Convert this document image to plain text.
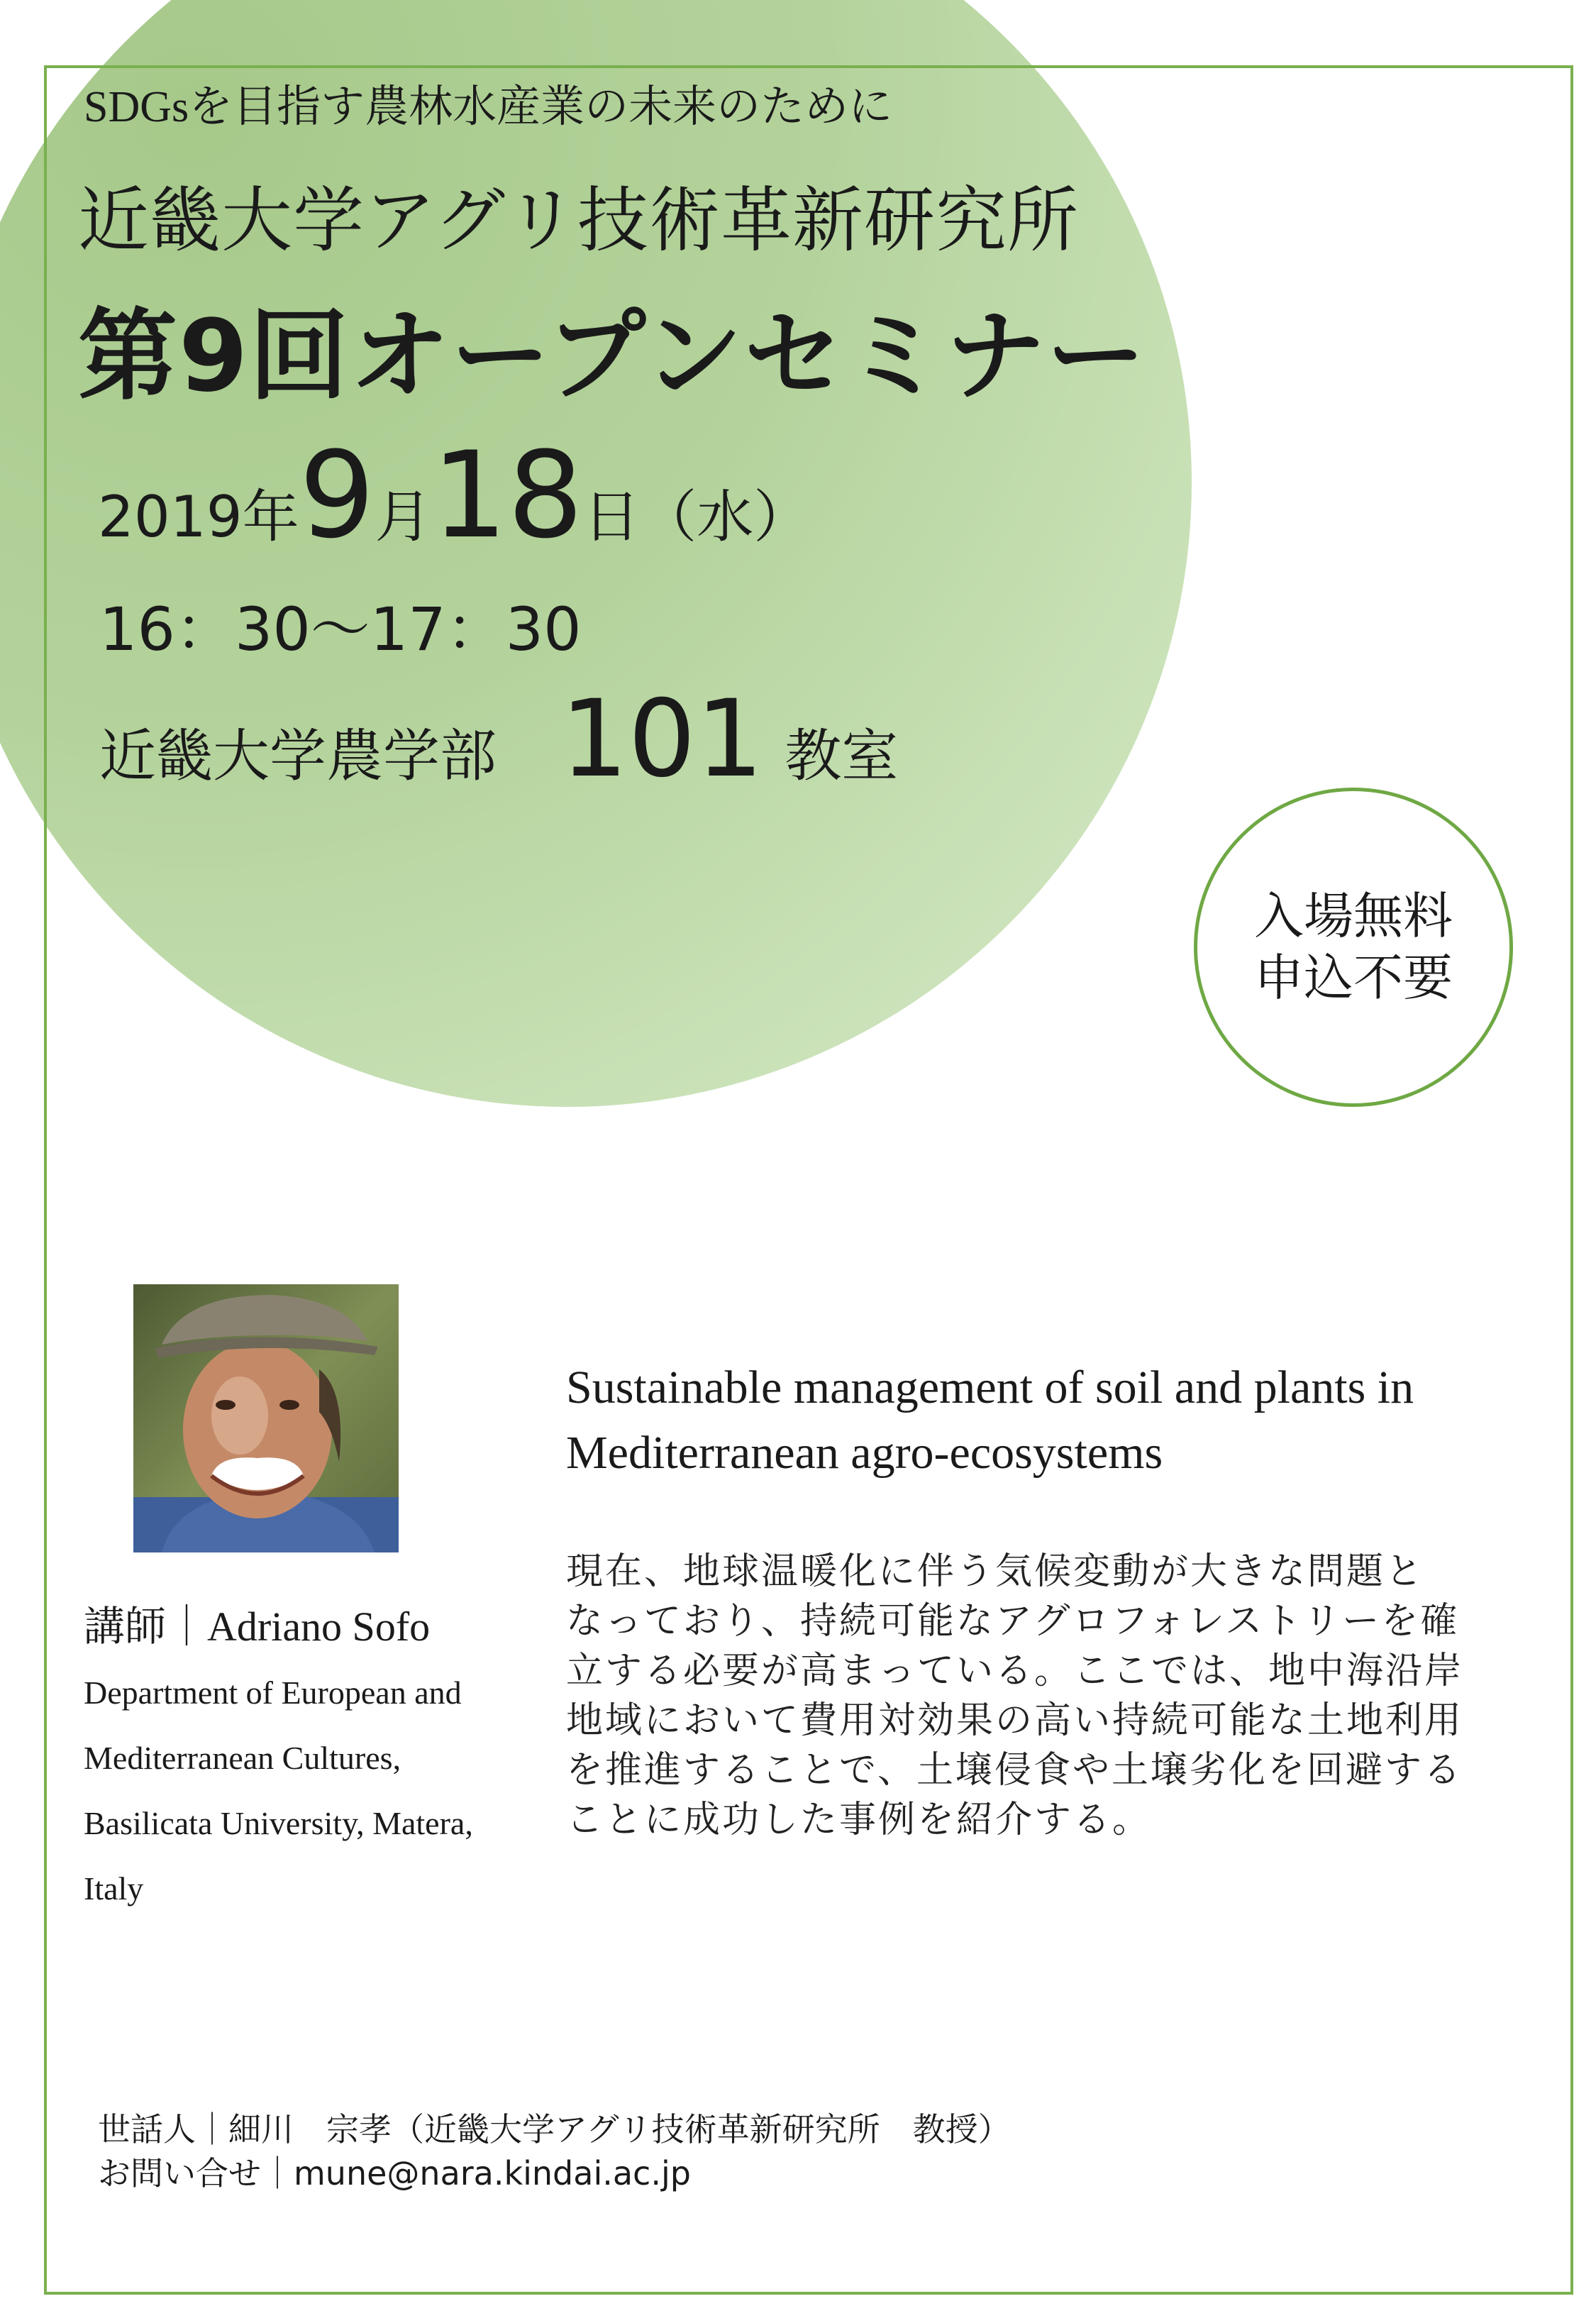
SDGsを目指す農林水産業の未来のために
近畿大学アグリ技術革新研究所
第9回オープンセミナー
2019年9月18日（水）
16：30～17：30
近畿大学農学部 101 教室
入場無料
申込不要
講師｜Adriano Sofo
Department of European and
Mediterranean Cultures,
Basilicata University, Matera,
Italy
Sustainable management of soil and plants in
Mediterranean agro-ecosystems
現在、地球温暖化に伴う気候変動が大きな問題と
なっており、持続可能なアグロフォレストリーを確
立する必要が高まっている。ここでは、地中海沿岸
地域において費用対効果の高い持続可能な土地利用
を推進することで、土壌侵食や土壌劣化を回避する
ことに成功した事例を紹介する。
世話人｜細川　宗孝（近畿大学アグリ技術革新研究所　教授）
お問い合せ｜mune@nara.kindai.ac.jp
